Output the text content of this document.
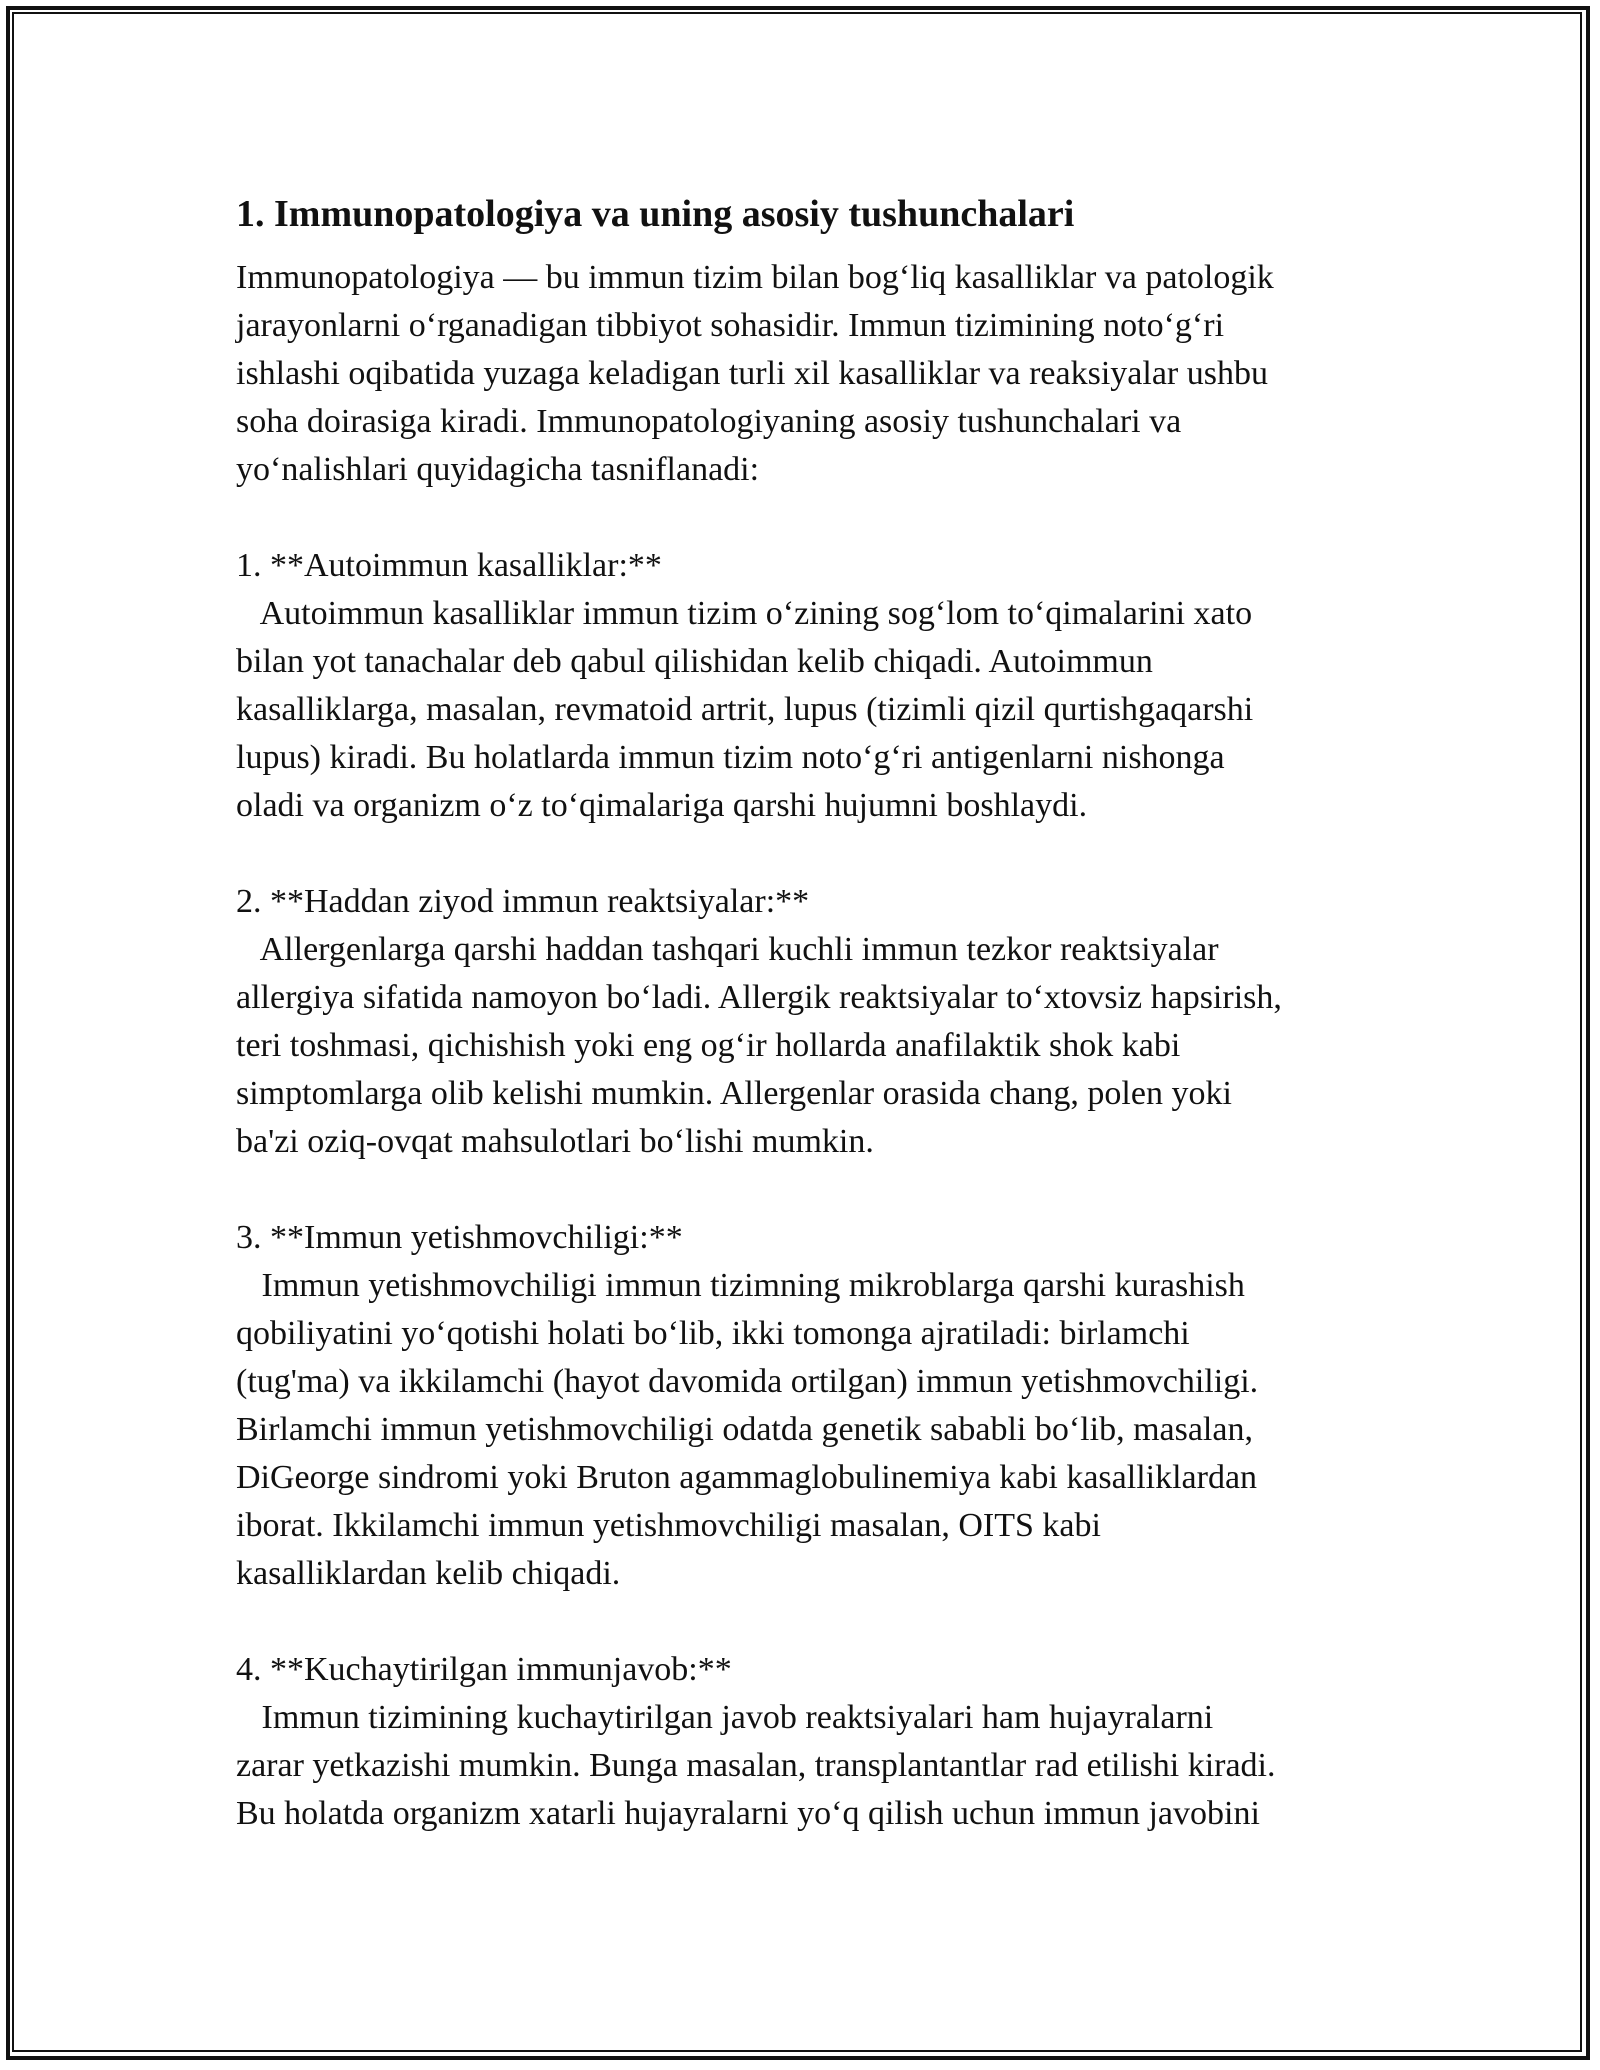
1. Immunopatologiya va uning asosiy tushunchalari
Immunopatologiya — bu immun tizim bilan bog‘liq kasalliklar va patologik
jarayonlarni o‘rganadigan tibbiyot sohasidir. Immun tizimining noto‘g‘ri
ishlashi oqibatida yuzaga keladigan turli xil kasalliklar va reaksiyalar ushbu
soha doirasiga kiradi. Immunopatologiyaning asosiy tushunchalari va
yo‘nalishlari quyidagicha tasniflanadi:
1. **Autoimmun kasalliklar:**
Autoimmun kasalliklar immun tizim o‘zining sog‘lom to‘qimalarini xato
bilan yot tanachalar deb qabul qilishidan kelib chiqadi. Autoimmun
kasalliklarga, masalan, revmatoid artrit, lupus (tizimli qizil qurtishgaqarshi
lupus) kiradi. Bu holatlarda immun tizim noto‘g‘ri antigenlarni nishonga
oladi va organizm o‘z to‘qimalariga qarshi hujumni boshlaydi.
2. **Haddan ziyod immun reaktsiyalar:**
Allergenlarga qarshi haddan tashqari kuchli immun tezkor reaktsiyalar
allergiya sifatida namoyon bo‘ladi. Allergik reaktsiyalar to‘xtovsiz hapsirish,
teri toshmasi, qichishish yoki eng og‘ir hollarda anafilaktik shok kabi
simptomlarga olib kelishi mumkin. Allergenlar orasida chang, polen yoki
ba'zi oziq-ovqat mahsulotlari bo‘lishi mumkin.
3. **Immun yetishmovchiligi:**
Immun yetishmovchiligi immun tizimning mikroblarga qarshi kurashish
qobiliyatini yo‘qotishi holati bo‘lib, ikki tomonga ajratiladi: birlamchi
(tug'ma) va ikkilamchi (hayot davomida ortilgan) immun yetishmovchiligi.
Birlamchi immun yetishmovchiligi odatda genetik sababli bo‘lib, masalan,
DiGeorge sindromi yoki Bruton agammaglobulinemiya kabi kasalliklardan
iborat. Ikkilamchi immun yetishmovchiligi masalan, OITS kabi
kasalliklardan kelib chiqadi.
4. **Kuchaytirilgan immunjavob:**
Immun tizimining kuchaytirilgan javob reaktsiyalari ham hujayralarni
zarar yetkazishi mumkin. Bunga masalan, transplantantlar rad etilishi kiradi.
Bu holatda organizm xatarli hujayralarni yo‘q qilish uchun immun javobini
